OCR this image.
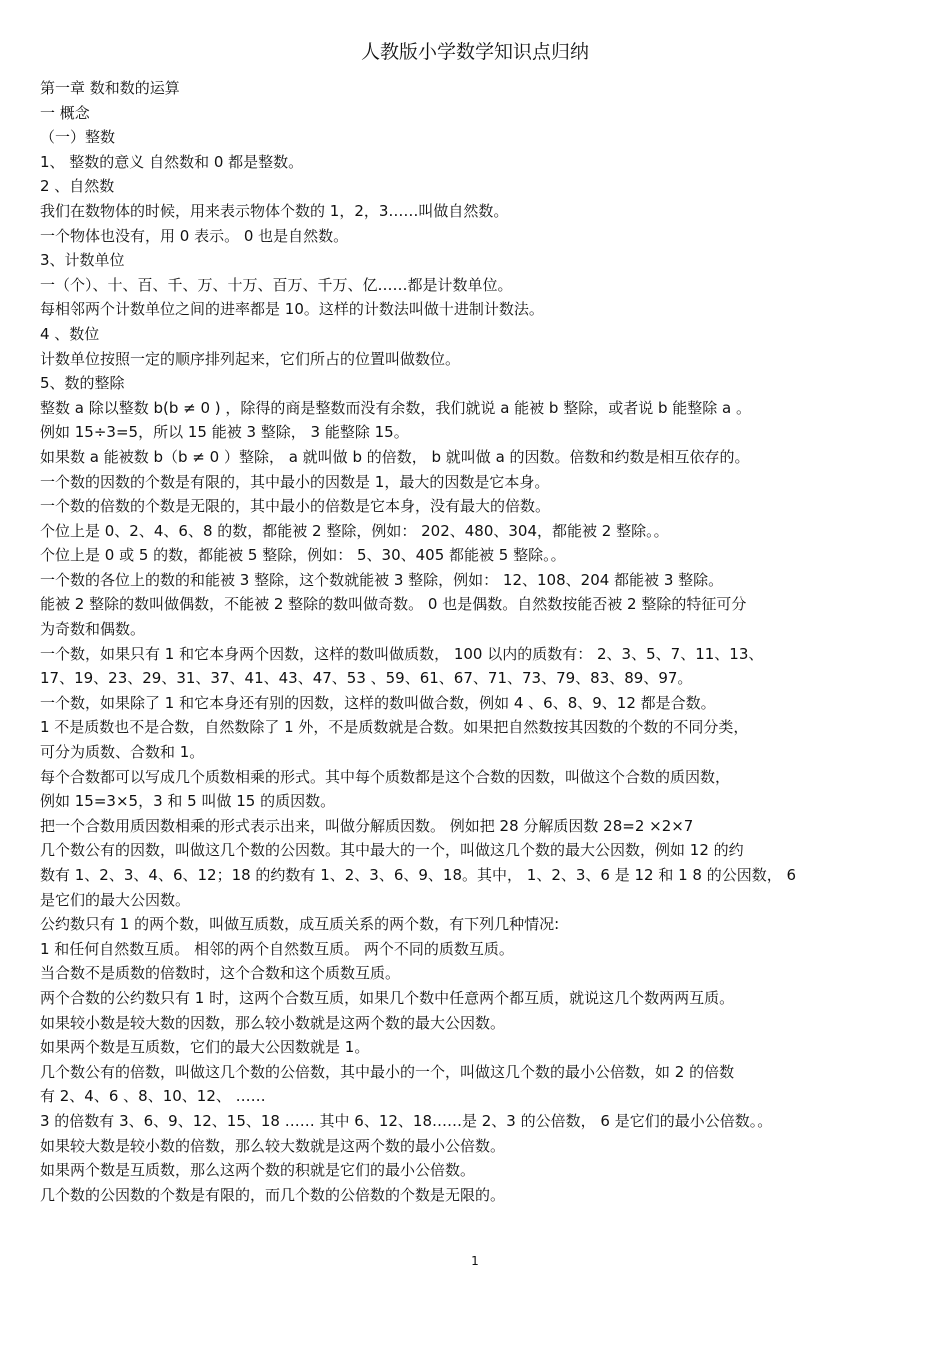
人教版小学数学知识点归纳

第一章 数和数的运算

一 概念

（一）整数

1、 整数的意义 自然数和 0 都是整数。

2 、自然数

我们在数物体的时候，用来表示物体个数的 1，2，3……叫做自然数。

一个物体也没有，用 0 表示。 0 也是自然数。

3、计数单位

一（个）、十、百、千、万、十万、百万、千万、亿……都是计数单位。

每相邻两个计数单位之间的进率都是 10。这样的计数法叫做十进制计数法。

4 、数位

计数单位按照一定的顺序排列起来，它们所占的位置叫做数位。

5、数的整除

整数 a 除以整数 b(b ≠ 0 ) ，除得的商是整数而没有余数，我们就说 a 能被 b 整除，或者说 b 能整除 a 。

例如 15÷3=5，所以 15 能被 3 整除， 3 能整除 15。

如果数 a 能被数 b（b ≠ 0 ）整除， a 就叫做 b 的倍数， b 就叫做 a 的因数。倍数和约数是相互依存的。

一个数的因数的个数是有限的，其中最小的因数是 1，最大的因数是它本身。

一个数的倍数的个数是无限的，其中最小的倍数是它本身，没有最大的倍数。

个位上是 0、2、4、6、8 的数，都能被 2 整除，例如： 202、480、304，都能被 2 整除。。

个位上是 0 或 5 的数，都能被 5 整除，例如： 5、30、405 都能被 5 整除。。

一个数的各位上的数的和能被 3 整除，这个数就能被 3 整除，例如： 12、108、204 都能被 3 整除。

能被 2 整除的数叫做偶数，不能被 2 整除的数叫做奇数。 0 也是偶数。自然数按能否被 2 整除的特征可分

为奇数和偶数。

一个数，如果只有 1 和它本身两个因数，这样的数叫做质数， 100 以内的质数有： 2、3、5、7、11、13、

17、19、23、29、31、37、41、43、47、53 、59、61、67、71、73、79、83、89、97。

一个数，如果除了 1 和它本身还有别的因数，这样的数叫做合数，例如 4 、6、8、9、12 都是合数。

1 不是质数也不是合数，自然数除了 1 外，不是质数就是合数。如果把自然数按其因数的个数的不同分类，

可分为质数、合数和 1。

每个合数都可以写成几个质数相乘的形式。其中每个质数都是这个合数的因数，叫做这个合数的质因数，

例如 15=3×5，3 和 5 叫做 15 的质因数。

把一个合数用质因数相乘的形式表示出来，叫做分解质因数。 例如把 28 分解质因数 28=2 ×2×7

几个数公有的因数，叫做这几个数的公因数。其中最大的一个，叫做这几个数的最大公因数，例如 12 的约

数有 1、2、3、4、6、12；18 的约数有 1、2、3、6、9、18。其中， 1、2、3、6 是 12 和 1 8 的公因数， 6

是它们的最大公因数。

公约数只有 1 的两个数，叫做互质数，成互质关系的两个数，有下列几种情况:

1 和任何自然数互质。 相邻的两个自然数互质。 两个不同的质数互质。

当合数不是质数的倍数时，这个合数和这个质数互质。

两个合数的公约数只有 1 时，这两个合数互质，如果几个数中任意两个都互质，就说这几个数两两互质。

如果较小数是较大数的因数，那么较小数就是这两个数的最大公因数。

如果两个数是互质数，它们的最大公因数就是 1。

几个数公有的倍数，叫做这几个数的公倍数，其中最小的一个，叫做这几个数的最小公倍数，如 2 的倍数

有 2、4、6 、8、10、12、 ……

3 的倍数有 3、6、9、12、15、18 …… 其中 6、12、18……是 2、3 的公倍数， 6 是它们的最小公倍数。。

如果较大数是较小数的倍数，那么较大数就是这两个数的最小公倍数。

如果两个数是互质数，那么这两个数的积就是它们的最小公倍数。

几个数的公因数的个数是有限的，而几个数的公倍数的个数是无限的。

1
